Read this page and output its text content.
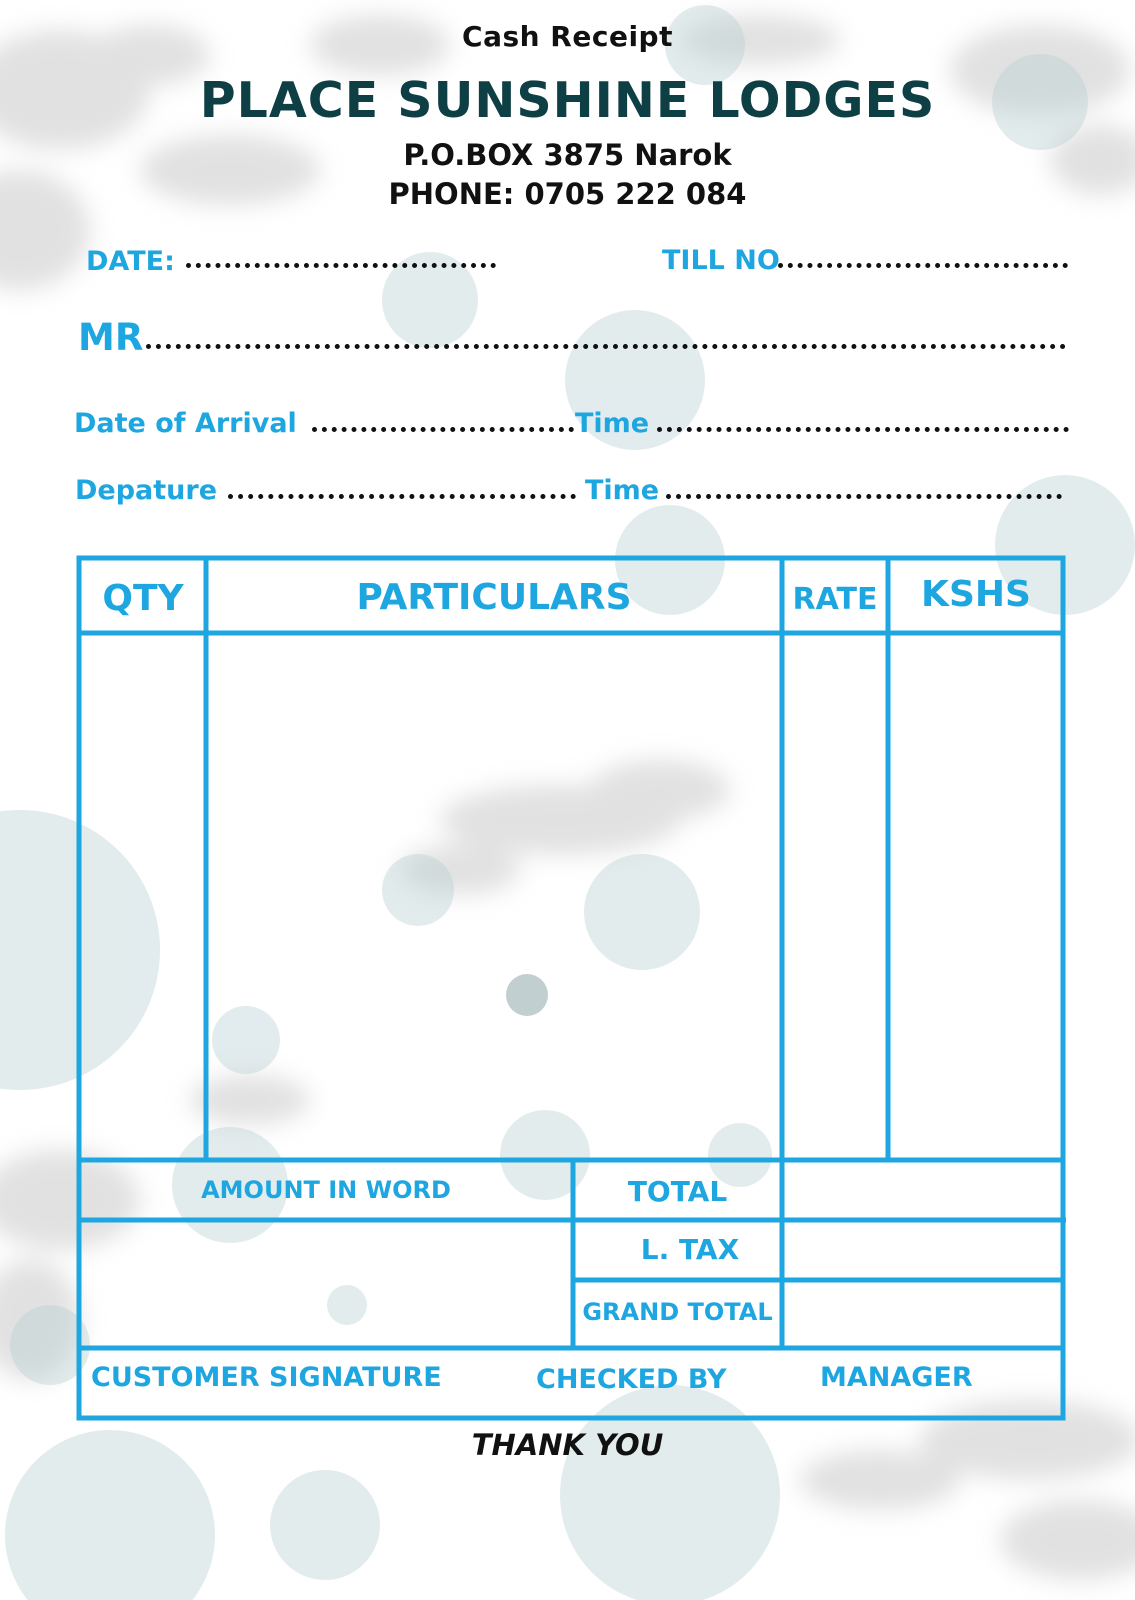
Cash Receipt
PLACE SUNSHINE LODGES
P.O.BOX 3875 Narok
PHONE: 0705 222 084
DATE:	TILL NO
MR
Date of Arrival	Time
Depature	Time
QTY	PARTICULARS	RATE	KSHS
AMOUNT IN WORD	TOTAL
L. TAX
GRAND TOTAL
CUSTOMER SIGNATURE	CHECKED BY	MANAGER
THANK YOU
